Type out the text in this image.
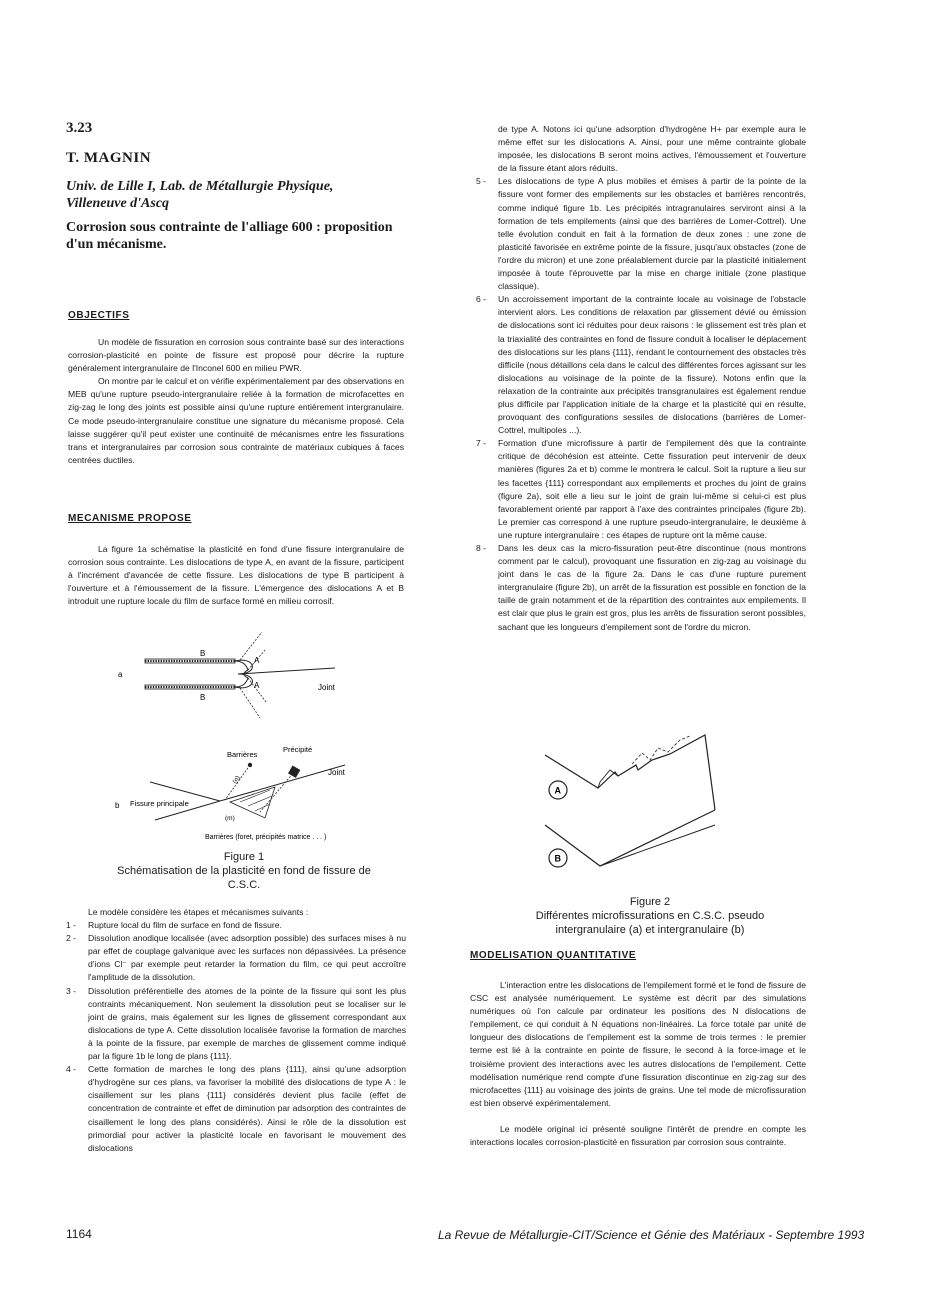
3.23
T. MAGNIN
Univ. de Lille I, Lab. de Métallurgie Physique, Villeneuve d'Ascq
Corrosion sous contrainte de l'alliage 600 : proposition d'un mécanisme.
OBJECTIFS

Un modèle de fissuration en corrosion sous contrainte basé sur des interactions corrosion-plasticité en pointe de fissure est proposé pour décrire la rupture généralement intergranulaire de l'Inconel 600 en milieu PWR.

On montre par le calcul et on vérifie expérimentalement par des observations en MEB qu'une rupture pseudo-intergranulaire reliée à la formation de microfacettes en zig-zag le long des joints est possible ainsi qu'une rupture entièrement intergranulaire. Ce mode pseudo-intergranulaire constitue une signature du mécanisme proposé. Cela laisse suggérer qu'il peut exister une continuité de mécanismes entre les fissurations trans et intergranulaires par corrosion sous contrainte de matériaux cubiques à faces centrées ductiles.

MECANISME PROPOSE

La figure 1a schématise la plasticité en fond d'une fissure intergranulaire de corrosion sous contrainte. Les dislocations de type A, en avant de la fissure, participent à l'incrément d'avancée de cette fissure. Les dislocations de type B participent à l'ouverture et à l'émoussement de la fissure. L'émergence des dislocations A et B introduit une rupture locale du film de surface formé en milieu corrosif.

a
Joint
B
B
A
A
b Fissure principale
Joint
Barrières
(n)
Précipité
(m)
Barrières (foret, précipités matrice . . . )
Figure 1
Schématisation de la plasticité en fond de fissure de C.S.C.

Le modèle considère les étapes et mécanismes suivants :

1 - Rupture local du film de surface en fond de fissure.
2 - Dissolution anodique localisée (avec adsorption possible) des surfaces mises à nu par effet de couplage galvanique avec les surfaces non dépassivées. La présence d'ions Cl⁻ par exemple peut retarder la formation du film, ce qui peut accroître l'amplitude de la dissolution.
3 - Dissolution préférentielle des atomes de la pointe de la fissure qui sont les plus contraints mécaniquement. Non seulement la dissolution peut se localiser sur le joint de grains, mais également sur les lignes de glissement correspondant aux dislocations de type A. Cette dissolution localisée favorise la formation de marches à la pointe de la fissure, par exemple de marches de glissement comme indiqué par la figure 1b le long de plans {111}.
4 - Cette formation de marches le long des plans {111}, ainsi qu'une adsorption d'hydrogène sur ces plans, va favoriser la mobilité des dislocations de type A : le cisaillement sur les plans {111} considérés devient plus facile (effet de concentration de contrainte et effet de diminution par adsorption des contraintes de cisaillement le long des plans considérés). Ainsi le rôle de la dissolution est primordial pour activer la plasticité locale en favorisant le mouvement des dislocations

de type A. Notons ici qu'une adsorption d'hydrogène H+ par exemple aura le même effet sur les dislocations A. Ainsi, pour une même contrainte globale imposée, les dislocations B seront moins actives, l'émoussement et l'ouverture de la fissure étant alors réduits.

5 - Les dislocations de type A plus mobiles et émises à partir de la pointe de la fissure vont former des empilements sur les obstacles et barrières rencontrés, comme indiqué figure 1b. Les précipités intragranulaires serviront ainsi à la formation de tels empilements (ainsi que des barrières de Lomer-Cottrel). Une telle évolution conduit en fait à la formation de deux zones : une zone de plasticité favorisée en extrême pointe de la fissure, jusqu'aux obstacles (zone de l'ordre du micron) et une zone préalablement durcie par la plasticité initialement imposée à toute l'éprouvette par la mise en charge initiale (zone plastique classique).
6 - Un accroissement important de la contrainte locale au voisinage de l'obstacle intervient alors. Les conditions de relaxation par glissement dévié ou émission de dislocations sont ici réduites pour deux raisons : le glissement est très plan et la triaxialité des contraintes en fond de fissure conduit à localiser le déplacement des dislocations sur les plans {111}, rendant le contournement des obstacles très difficile (nous détaillons cela dans le calcul des différentes forces agissant sur les dislocations au voisinage de la pointe de la fissure). Notons enfin que la relaxation de la contrainte aux précipités transgranulaires est également rendue plus difficile par l'application initiale de la charge et la plasticité qui en résulte, provoquant des configurations sessiles de dislocations (barrières de Lomer-Cottrel, multipoles ...).
7 - Formation d'une microfissure à partir de l'empilement dès que la contrainte critique de décohésion est atteinte. Cette fissuration peut intervenir de deux manières (figures 2a et b) comme le montrera le calcul. Soit la rupture a lieu sur les facettes {111} correspondant aux empilements et proches du joint de grains (figure 2a), soit elle a lieu sur le joint de grain lui-même si celui-ci est plus favorablement orienté par rapport à l'axe des contraintes principales (figure 2b). Le premier cas correspond à une rupture pseudo-intergranulaire, le deuxième à une rupture intergranulaire : ces étapes de rupture ont la même cause.
8 - Dans les deux cas la micro-fissuration peut-être discontinue (nous montrons comment par le calcul), provoquant une fissuration en zig-zag au voisinage du joint dans le cas de la figure 2a. Dans le cas d'une rupture purement intergranulaire (figure 2b), un arrêt de la fissuration est possible en fonction de la taille de grain notamment et de la répartition des contraintes aux empilements. Il est clair que plus le grain est gros, plus les arrêts de fissuration seront possibles, sachant que les longueurs d'empilement sont de l'ordre du micron.
A
B
Figure 2
Différentes microfissurations en C.S.C. pseudo intergranulaire (a) et intergranulaire (b)
MODELISATION QUANTITATIVE

L'interaction entre les dislocations de l'empilement formé et le fond de fissure de CSC est analysée numériquement. Le système est décrit par des simulations numériques où l'on calcule par ordinateur les positions des N dislocations de l'empilement, ce qui conduit à N équations non-linéaires. La force totale par unité de longueur des dislocations de l'empilement est la somme de trois termes : le premier terme est lié à la contrainte en pointe de fissure, le second à la force-image et le troisième provient des interactions avec les autres dislocations de l'empilement. Cette modélisation numérique rend compte d'une fissuration discontinue en zig-zag sur des microfacettes {111} au voisinage des joints de grains. Une tel mode de microfissuration est bien observé expérimentalement.

Le modèle original ici présenté souligne l'intérêt de prendre en compte les interactions locales corrosion-plasticité en fissuration par corrosion sous contrainte.

1164	La Revue de Métallurgie-CIT/Science et Génie des Matériaux - Septembre 1993
